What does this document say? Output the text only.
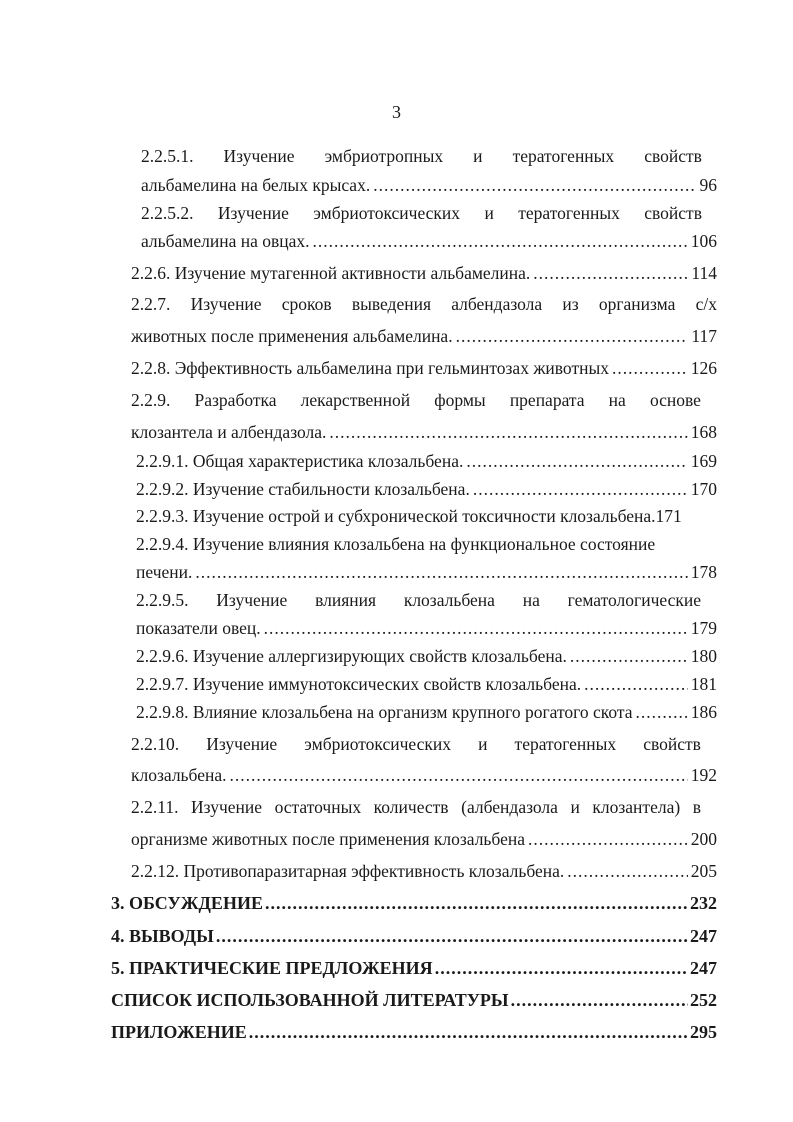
3
2.2.5.1. Изучение эмбриотропных и тератогенных свойств
альбамелина на белых крысах. .....	96
2.2.5.2. Изучение эмбриотоксических и тератогенных свойств
альбамелина на овцах. .....	106
2.2.6. Изучение мутагенной активности альбамелина. .....	114
2.2.7. Изучение сроков выведения албендазола из организма с/х
животных после применения альбамелина. .....	117
2.2.8. Эффективность альбамелина при гельминтозах животных .....	126
2.2.9. Разработка лекарственной формы препарата на основе
клозантела и албендазола. .....	168
2.2.9.1. Общая характеристика клозальбена. .....	169
2.2.9.2. Изучение стабильности клозальбена. .....	170
2.2.9.3. Изучение острой и субхронической токсичности клозальбена.171
2.2.9.4. Изучение влияния клозальбена на функциональное состояние
печени. .....	178
2.2.9.5. Изучение влияния клозальбена на гематологические
показатели овец. .....	179
2.2.9.6. Изучение аллергизирующих свойств клозальбена. .....	180
2.2.9.7. Изучение иммунотоксических свойств клозальбена. .....	181
2.2.9.8. Влияние клозальбена на организм крупного рогатого скота .....	186
2.2.10. Изучение эмбриотоксических и тератогенных свойств
клозальбена. .....	192
2.2.11. Изучение остаточных количеств (албендазола и клозантела) в
организме животных после применения клозальбена .....	200
2.2.12. Противопаразитарная эффективность клозальбена. .....	205
3. ОБСУЖДЕНИЕ .....	232
4. ВЫВОДЫ .....	247
5. ПРАКТИЧЕСКИЕ ПРЕДЛОЖЕНИЯ .....	247
СПИСОК ИСПОЛЬЗОВАННОЙ ЛИТЕРАТУРЫ .....	252
ПРИЛОЖЕНИЕ .....	295
